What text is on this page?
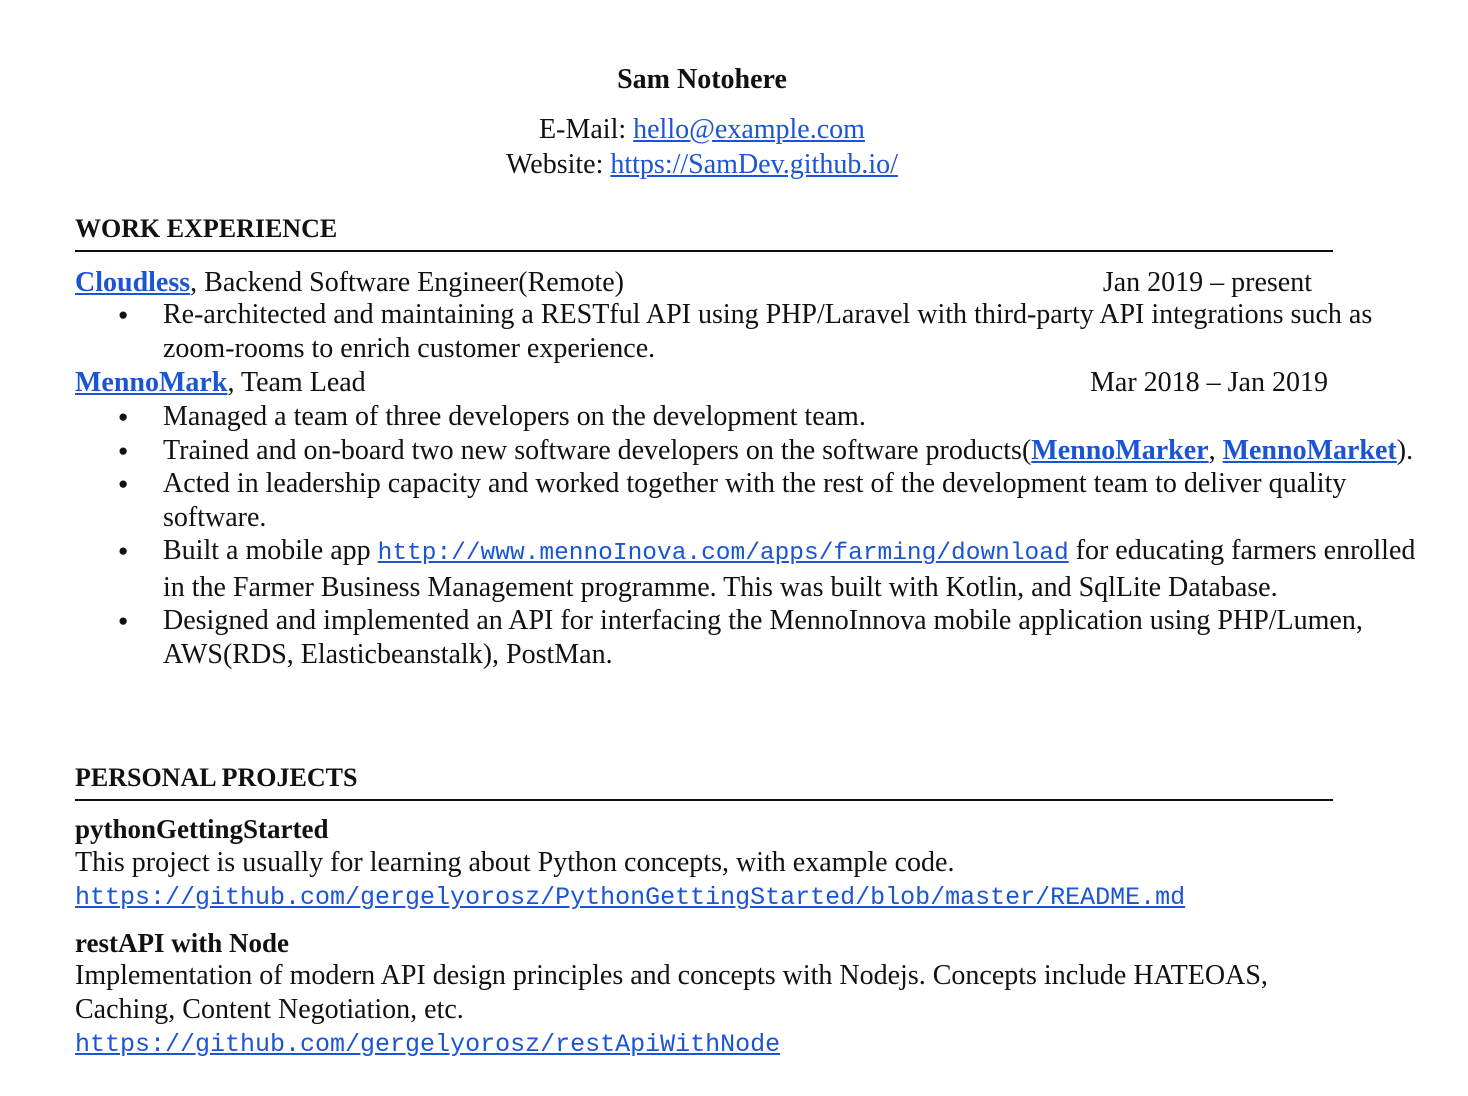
Sam Notohere
E-Mail: hello@example.com
Website: https://SamDev.github.io/
WORK EXPERIENCE
Cloudless, Backend Software Engineer(Remote)	Jan 2019 – present
● Re-architected and maintaining a RESTful API using PHP/Laravel with third-party API integrations such as zoom-rooms to enrich customer experience.
MennoMark, Team Lead	Mar 2018 – Jan 2019
● Managed a team of three developers on the development team.
● Trained and on-board two new software developers on the software products(MennoMarker, MennoMarket).
● Acted in leadership capacity and worked together with the rest of the development team to deliver quality software.
● Built a mobile app http://www.mennoInova.com/apps/farming/download for educating farmers enrolled in the Farmer Business Management programme. This was built with Kotlin, and SqlLite Database.
● Designed and implemented an API for interfacing the MennoInnova mobile application using PHP/Lumen, AWS(RDS, Elasticbeanstalk), PostMan.
PERSONAL PROJECTS
pythonGettingStarted
This project is usually for learning about Python concepts, with example code.
https://github.com/gergelyorosz/PythonGettingStarted/blob/master/README.md
restAPI with Node
Implementation of modern API design principles and concepts with Nodejs. Concepts include HATEOAS, Caching, Content Negotiation, etc.
https://github.com/gergelyorosz/restApiWithNode
